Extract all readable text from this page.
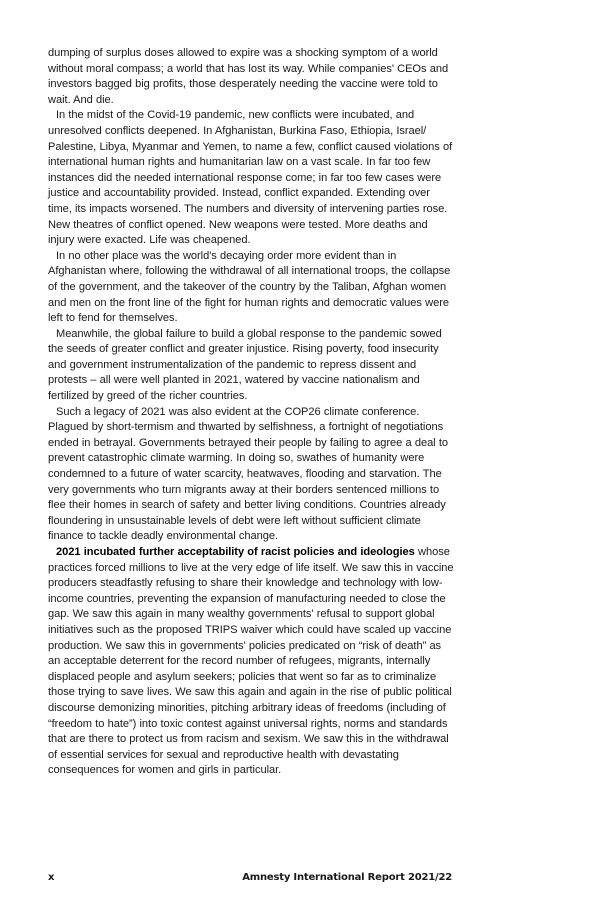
dumping of surplus doses allowed to expire was a shocking symptom of a world without moral compass; a world that has lost its way. While companies' CEOs and investors bagged big profits, those desperately needing the vaccine were told to wait. And die.

In the midst of the Covid-19 pandemic, new conflicts were incubated, and unresolved conflicts deepened. In Afghanistan, Burkina Faso, Ethiopia, Israel/ Palestine, Libya, Myanmar and Yemen, to name a few, conflict caused violations of international human rights and humanitarian law on a vast scale. In far too few instances did the needed international response come; in far too few cases were justice and accountability provided. Instead, conflict expanded. Extending over time, its impacts worsened. The numbers and diversity of intervening parties rose. New theatres of conflict opened. New weapons were tested. More deaths and injury were exacted. Life was cheapened.

In no other place was the world's decaying order more evident than in Afghanistan where, following the withdrawal of all international troops, the collapse of the government, and the takeover of the country by the Taliban, Afghan women and men on the front line of the fight for human rights and democratic values were left to fend for themselves.

Meanwhile, the global failure to build a global response to the pandemic sowed the seeds of greater conflict and greater injustice. Rising poverty, food insecurity and government instrumentalization of the pandemic to repress dissent and protests – all were well planted in 2021, watered by vaccine nationalism and fertilized by greed of the richer countries.

Such a legacy of 2021 was also evident at the COP26 climate conference. Plagued by short-termism and thwarted by selfishness, a fortnight of negotiations ended in betrayal. Governments betrayed their people by failing to agree a deal to prevent catastrophic climate warming. In doing so, swathes of humanity were condemned to a future of water scarcity, heatwaves, flooding and starvation. The very governments who turn migrants away at their borders sentenced millions to flee their homes in search of safety and better living conditions. Countries already floundering in unsustainable levels of debt were left without sufficient climate finance to tackle deadly environmental change.

2021 incubated further acceptability of racist policies and ideologies whose practices forced millions to live at the very edge of life itself. We saw this in vaccine producers steadfastly refusing to share their knowledge and technology with low-income countries, preventing the expansion of manufacturing needed to close the gap. We saw this again in many wealthy governments' refusal to support global initiatives such as the proposed TRIPS waiver which could have scaled up vaccine production. We saw this in governments' policies predicated on “risk of death” as an acceptable deterrent for the record number of refugees, migrants, internally displaced people and asylum seekers; policies that went so far as to criminalize those trying to save lives. We saw this again and again in the rise of public political discourse demonizing minorities, pitching arbitrary ideas of freedoms (including of “freedom to hate”) into toxic contest against universal rights, norms and standards that are there to protect us from racism and sexism. We saw this in the withdrawal of essential services for sexual and reproductive health with devastating consequences for women and girls in particular.

x	Amnesty International Report 2021/22
